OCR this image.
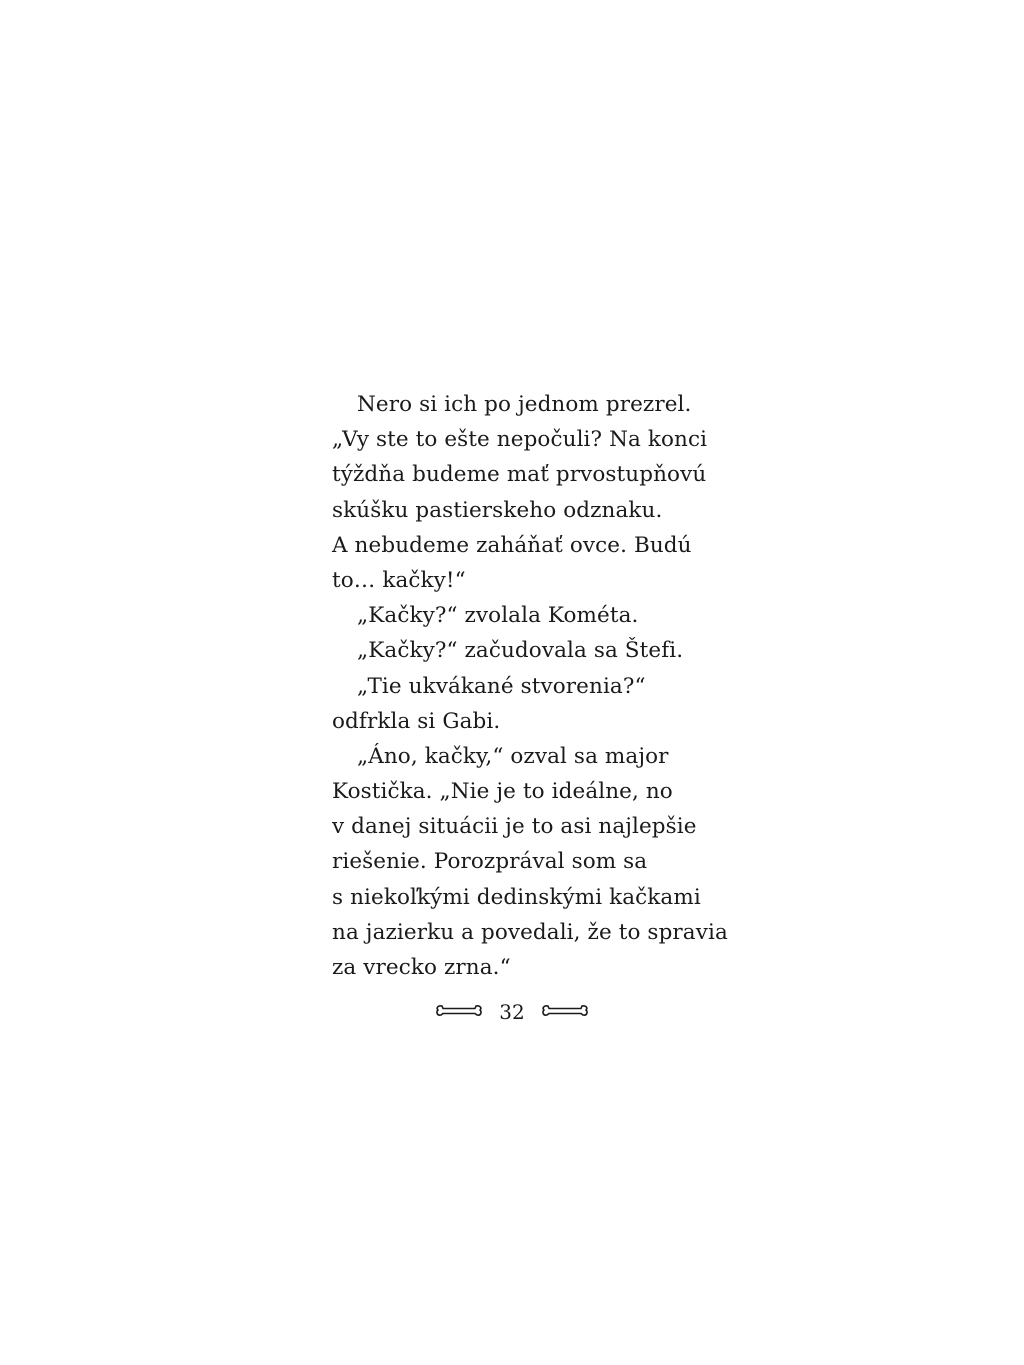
Nero si ich po jednom prezrel.
„Vy ste to ešte nepočuli? Na konci
týždňa budeme mať prvostupňovú
skúšku pastierskeho odznaku.
A nebudeme zaháňať ovce. Budú
to… kačky!“
„Kačky?“ zvolala Kométa.
„Kačky?“ začudovala sa Štefi.
„Tie ukvákané stvorenia?“
odfrkla si Gabi.
„Áno, kačky,“ ozval sa major
Kostička. „Nie je to ideálne, no
v danej situácii je to asi najlepšie
riešenie. Porozprával som sa
s niekoľkými dedinskými kačkami
na jazierku a povedali, že to spravia
za vrecko zrna.“
32
